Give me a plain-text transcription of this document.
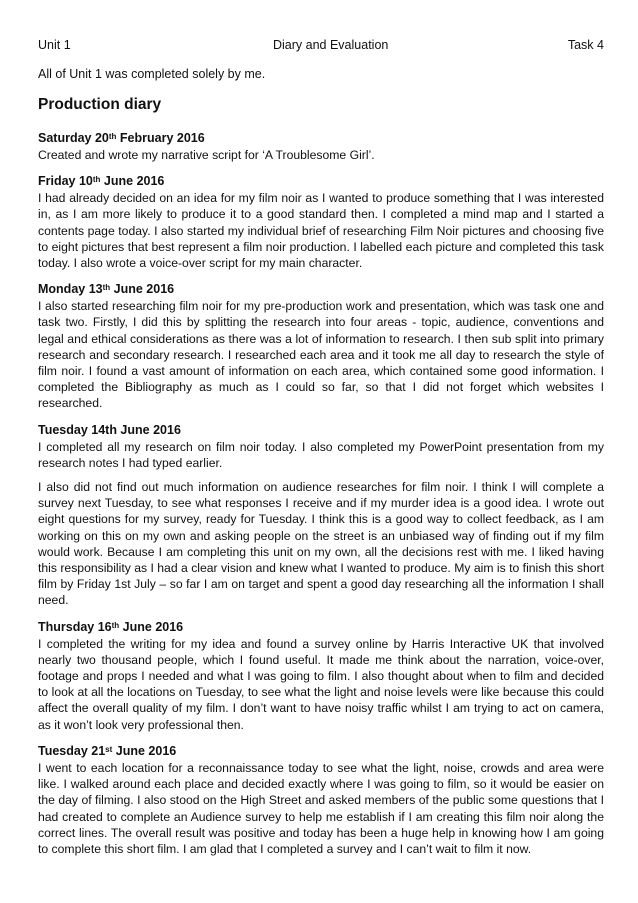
Unit 1	Diary and Evaluation	Task 4
All of Unit 1 was completed solely by me.
Production diary
Saturday 20th February 2016

Created and wrote my narrative script for ‘A Troublesome Girl’.

Friday 10th June 2016

I had already decided on an idea for my film noir as I wanted to produce something that I was interested in, as I am more likely to produce it to a good standard then. I completed a mind map and I started a contents page today. I also started my individual brief of researching Film Noir pictures and choosing five to eight pictures that best represent a film noir production. I labelled each picture and completed this task today. I also wrote a voice-over script for my main character.

Monday 13th June 2016

I also started researching film noir for my pre-production work and presentation, which was task one and task two. Firstly, I did this by splitting the research into four areas - topic, audience, conventions and legal and ethical considerations as there was a lot of information to research. I then sub split into primary research and secondary research. I researched each area and it took me all day to research the style of film noir. I found a vast amount of information on each area, which contained some good information. I completed the Bibliography as much as I could so far, so that I did not forget which websites I researched.

Tuesday 14th June 2016

I completed all my research on film noir today. I also completed my PowerPoint presentation from my research notes I had typed earlier.

I also did not find out much information on audience researches for film noir. I think I will complete a survey next Tuesday, to see what responses I receive and if my murder idea is a good idea. I wrote out eight questions for my survey, ready for Tuesday. I think this is a good way to collect feedback, as I am working on this on my own and asking people on the street is an unbiased way of finding out if my film would work. Because I am completing this unit on my own, all the decisions rest with me. I liked having this responsibility as I had a clear vision and knew what I wanted to produce. My aim is to finish this short film by Friday 1st July – so far I am on target and spent a good day researching all the information I shall need.

Thursday 16th June 2016

I completed the writing for my idea and found a survey online by Harris Interactive UK that involved nearly two thousand people, which I found useful. It made me think about the narration, voice-over, footage and props I needed and what I was going to film. I also thought about when to film and decided to look at all the locations on Tuesday, to see what the light and noise levels were like because this could affect the overall quality of my film. I don’t want to have noisy traffic whilst I am trying to act on camera, as it won’t look very professional then.

Tuesday 21st June 2016

I went to each location for a reconnaissance today to see what the light, noise, crowds and area were like. I walked around each place and decided exactly where I was going to film, so it would be easier on the day of filming. I also stood on the High Street and asked members of the public some questions that I had created to complete an Audience survey to help me establish if I am creating this film noir along the correct lines. The overall result was positive and today has been a huge help in knowing how I am going to complete this short film. I am glad that I completed a survey and I can’t wait to film it now.
